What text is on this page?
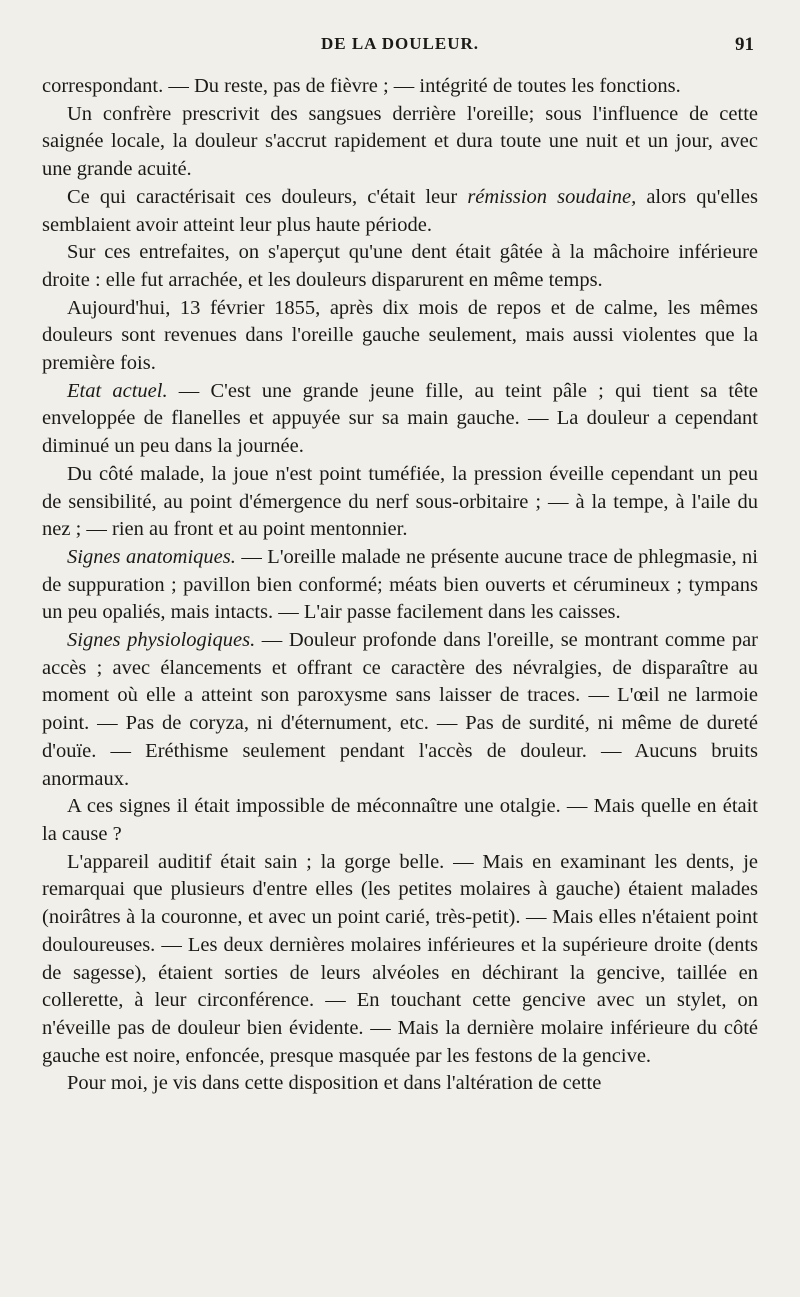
DE LA DOULEUR.	91

correspondant. — Du reste, pas de fièvre ; — intégrité de toutes les fonctions.

Un confrère prescrivit des sangsues derrière l'oreille; sous l'influence de cette saignée locale, la douleur s'accrut rapidement et dura toute une nuit et un jour, avec une grande acuité.

Ce qui caractérisait ces douleurs, c'était leur rémission soudaine, alors qu'elles semblaient avoir atteint leur plus haute période.

Sur ces entrefaites, on s'aperçut qu'une dent était gâtée à la mâchoire inférieure droite : elle fut arrachée, et les douleurs disparurent en même temps.

Aujourd'hui, 13 février 1855, après dix mois de repos et de calme, les mêmes douleurs sont revenues dans l'oreille gauche seulement, mais aussi violentes que la première fois.

Etat actuel. — C'est une grande jeune fille, au teint pâle ; qui tient sa tête enveloppée de flanelles et appuyée sur sa main gauche. — La douleur a cependant diminué un peu dans la journée.

Du côté malade, la joue n'est point tuméfiée, la pression éveille cependant un peu de sensibilité, au point d'émergence du nerf sous-orbitaire ; — à la tempe, à l'aile du nez ; — rien au front et au point mentonnier.

Signes anatomiques. — L'oreille malade ne présente aucune trace de phlegmasie, ni de suppuration ; pavillon bien conformé; méats bien ouverts et cérumineux ; tympans un peu opaliés, mais intacts. — L'air passe facilement dans les caisses.

Signes physiologiques. — Douleur profonde dans l'oreille, se montrant comme par accès ; avec élancements et offrant ce caractère des névralgies, de disparaître au moment où elle a atteint son paroxysme sans laisser de traces. — L'œil ne larmoie point. — Pas de coryza, ni d'éternument, etc. — Pas de surdité, ni même de dureté d'ouïe. — Eréthisme seulement pendant l'accès de douleur. — Aucuns bruits anormaux.

A ces signes il était impossible de méconnaître une otalgie. — Mais quelle en était la cause ?

L'appareil auditif était sain ; la gorge belle. — Mais en examinant les dents, je remarquai que plusieurs d'entre elles (les petites molaires à gauche) étaient malades (noirâtres à la couronne, et avec un point carié, très-petit). — Mais elles n'étaient point douloureuses. — Les deux dernières molaires inférieures et la supérieure droite (dents de sagesse), étaient sorties de leurs alvéoles en déchirant la gencive, taillée en collerette, à leur circonférence. — En touchant cette gencive avec un stylet, on n'éveille pas de douleur bien évidente. — Mais la dernière molaire inférieure du côté gauche est noire, enfoncée, presque masquée par les festons de la gencive.

Pour moi, je vis dans cette disposition et dans l'altération de cette
